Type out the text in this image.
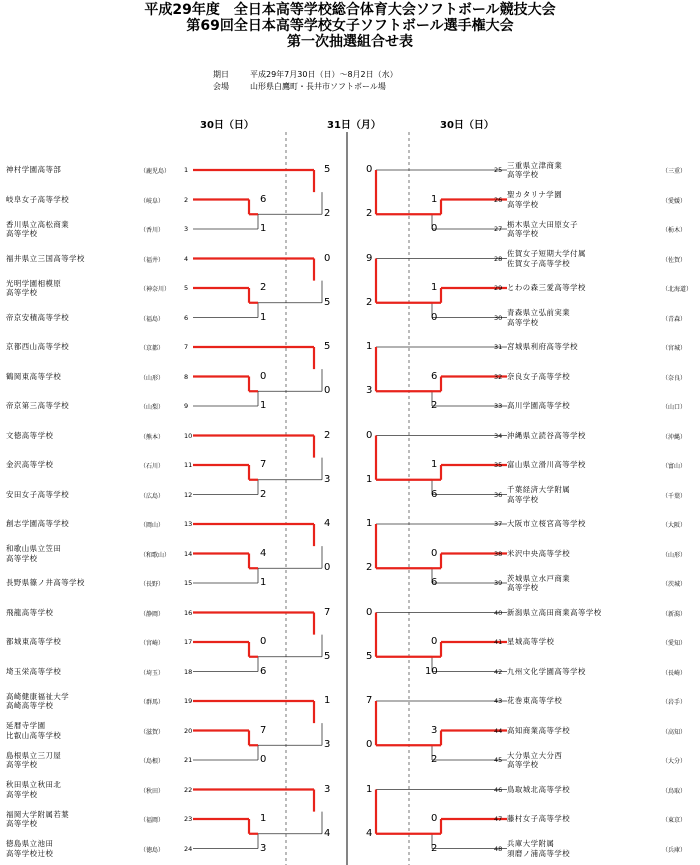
平成29年度　全日本高等学校総合体育大会ソフトボール競技大会
第69回全日本高等学校女子ソフトボール選手権大会
第一次抽選組合せ表
期日	平成29年7月30日（日）～8月2日（水）
会場	山形県白鷹町・長井市ソフトボール場
30日（日）	31日（月）	30日（日）
神村学園高等部	（鹿児島） 1
岐阜女子高等学校	（岐阜）	2
香川県立高松商業
高等学校	（香川）	3
福井県立三国高等学校	（福井）	4
光明学園相模原
高等学校	（神奈川） 5
帝京安積高等学校	（福島）	6
京都西山高等学校	（京都）	7
鶴岡東高等学校	（山形）	8
帝京第三高等学校	（山梨）	9
文徳高等学校	（熊本）	10
金沢高等学校	（石川）	11
安田女子高等学校	（広島）	12
創志学園高等学校	（岡山）	13
和歌山県立笠田
高等学校	（和歌山） 14
長野県篠ノ井高等学校	（長野）	15
飛龍高等学校	（静岡）	16
都城東高等学校	（宮崎）	17
埼玉栄高等学校	（埼玉）	18
高崎健康福祉大学
高崎高等学校	（群馬）	19
延暦寺学園
比叡山高等学校	（滋賀）	20
島根県立三刀屋
高等学校	（島根）	21
秋田県立秋田北
高等学校	（秋田）	22
福岡大学附属若葉
高等学校	（福岡）	23
徳島県立池田
高等学校辻校	（徳島）	24
三重県立津商業
高等学校
25	（三重）
聖カタリナ学園
高等学校
26	（愛媛）
栃木県立大田原女子
高等学校
27	（栃木）
佐賀女子短期大学付属
佐賀女子高等学校
28	（佐賀）
とわの森三愛高等学校
29	（北海道）
青森県立弘前実業
高等学校
30	（青森）
宮城県利府高等学校
31	（宮城）
奈良女子高等学校
32	（奈良）
高川学園高等学校
33	（山口）
沖縄県立読谷高等学校
34	（沖縄）
富山県立滑川高等学校
35	（富山）
千葉経済大学附属
高等学校
36	（千葉）
大阪市立桜宮高等学校
37	（大阪）
米沢中央高等学校
38	（山形）
茨城県立水戸商業
高等学校
39	（茨城）
新潟県立高田商業高等学校
40	（新潟）
星城高等学校
41	（愛知）
九州文化学園高等学校
42	（長崎）
花巻東高等学校
43	（岩手）
高知商業高等学校
44	（高知）
大分県立大分西
高等学校
45	（大分）
鳥取城北高等学校
46	（鳥取）
藤村女子高等学校
47	（東京）
兵庫大学附属
須磨ノ浦高等学校
48	（兵庫）
5
6
1
2
0
2
1
5
5
0
1
0
2
7
2
3
4
4
1
0
7
0
6
5
1
7
0
3
3
1
3
4
0
1
0
2
9
1
0
2
1
6
2
3
0
1
6
1
1
0
6
2
0
0
10
5
7
3
2
0
1
0
2
4
